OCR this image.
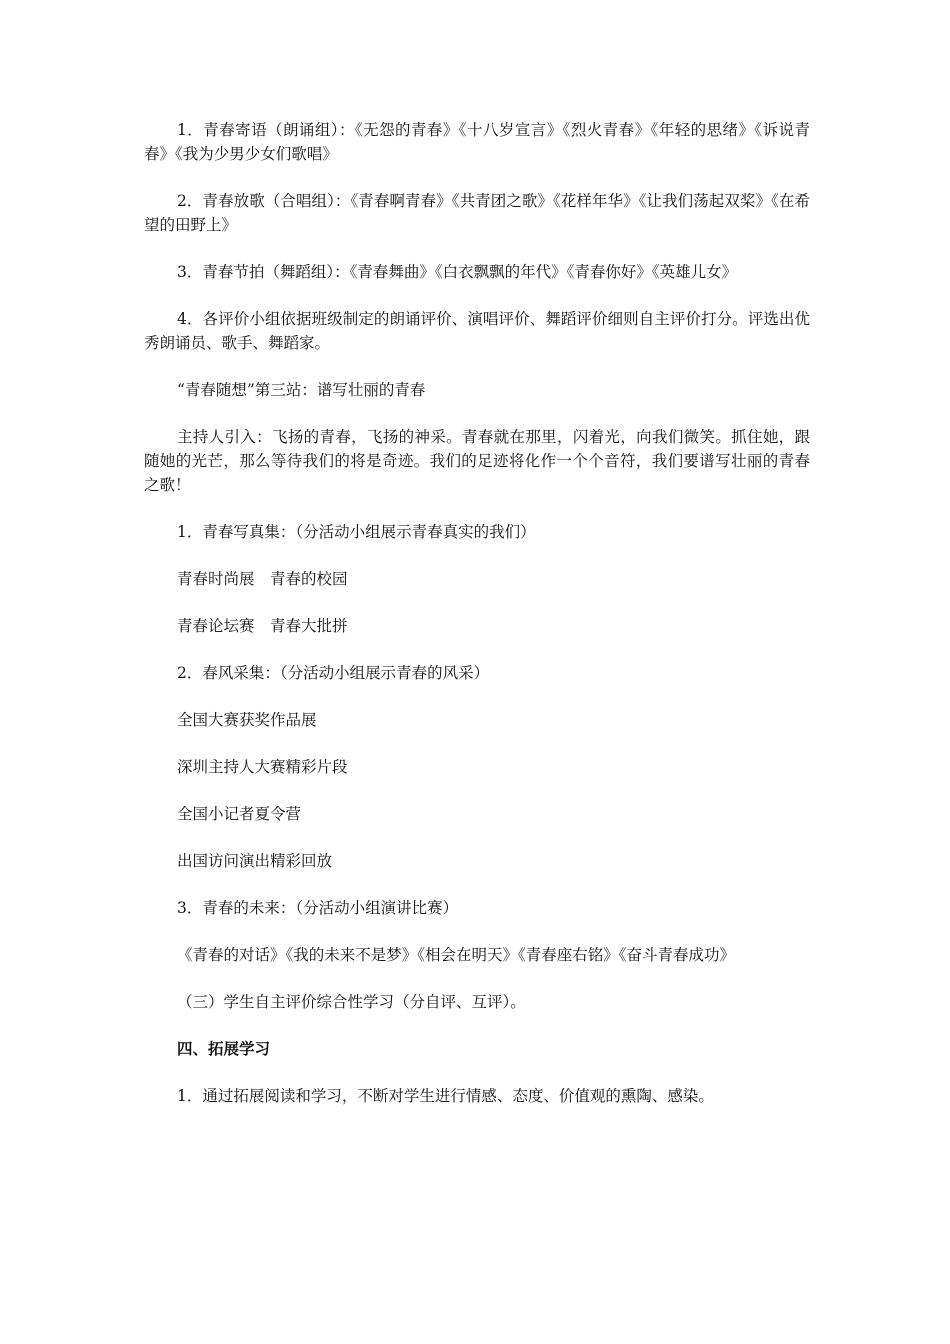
1．青春寄语（朗诵组）：《无怨的青春》《十八岁宣言》《烈火青春》《年轻的思绪》《诉说青春》《我为少男少女们歌唱》

2．青春放歌（合唱组）：《青春啊青春》《共青团之歌》《花样年华》《让我们荡起双桨》《在希望的田野上》

3．青春节拍（舞蹈组）：《青春舞曲》《白衣飘飘的年代》《青春你好》《英雄儿女》

4．各评价小组依据班级制定的朗诵评价、演唱评价、舞蹈评价细则自主评价打分。评选出优秀朗诵员、歌手、舞蹈家。

“青春随想”第三站：谱写壮丽的青春

主持人引入：飞扬的青春，飞扬的神采。青春就在那里，闪着光，向我们微笑。抓住她，跟随她的光芒，那么等待我们的将是奇迹。我们的足迹将化作一个个音符，我们要谱写壮丽的青春之歌！

1．青春写真集：（分活动小组展示青春真实的我们）

青春时尚展　青春的校园

青春论坛赛　青春大批拼

2．春风采集：（分活动小组展示青春的风采）

全国大赛获奖作品展

深圳主持人大赛精彩片段

全国小记者夏令营

出国访问演出精彩回放

3．青春的未来：（分活动小组演讲比赛）

《青春的对话》《我的未来不是梦》《相会在明天》《青春座右铭》《奋斗青春成功》

（三）学生自主评价综合性学习（分自评、互评）。

四、拓展学习

1．通过拓展阅读和学习，不断对学生进行情感、态度、价值观的熏陶、感染。
